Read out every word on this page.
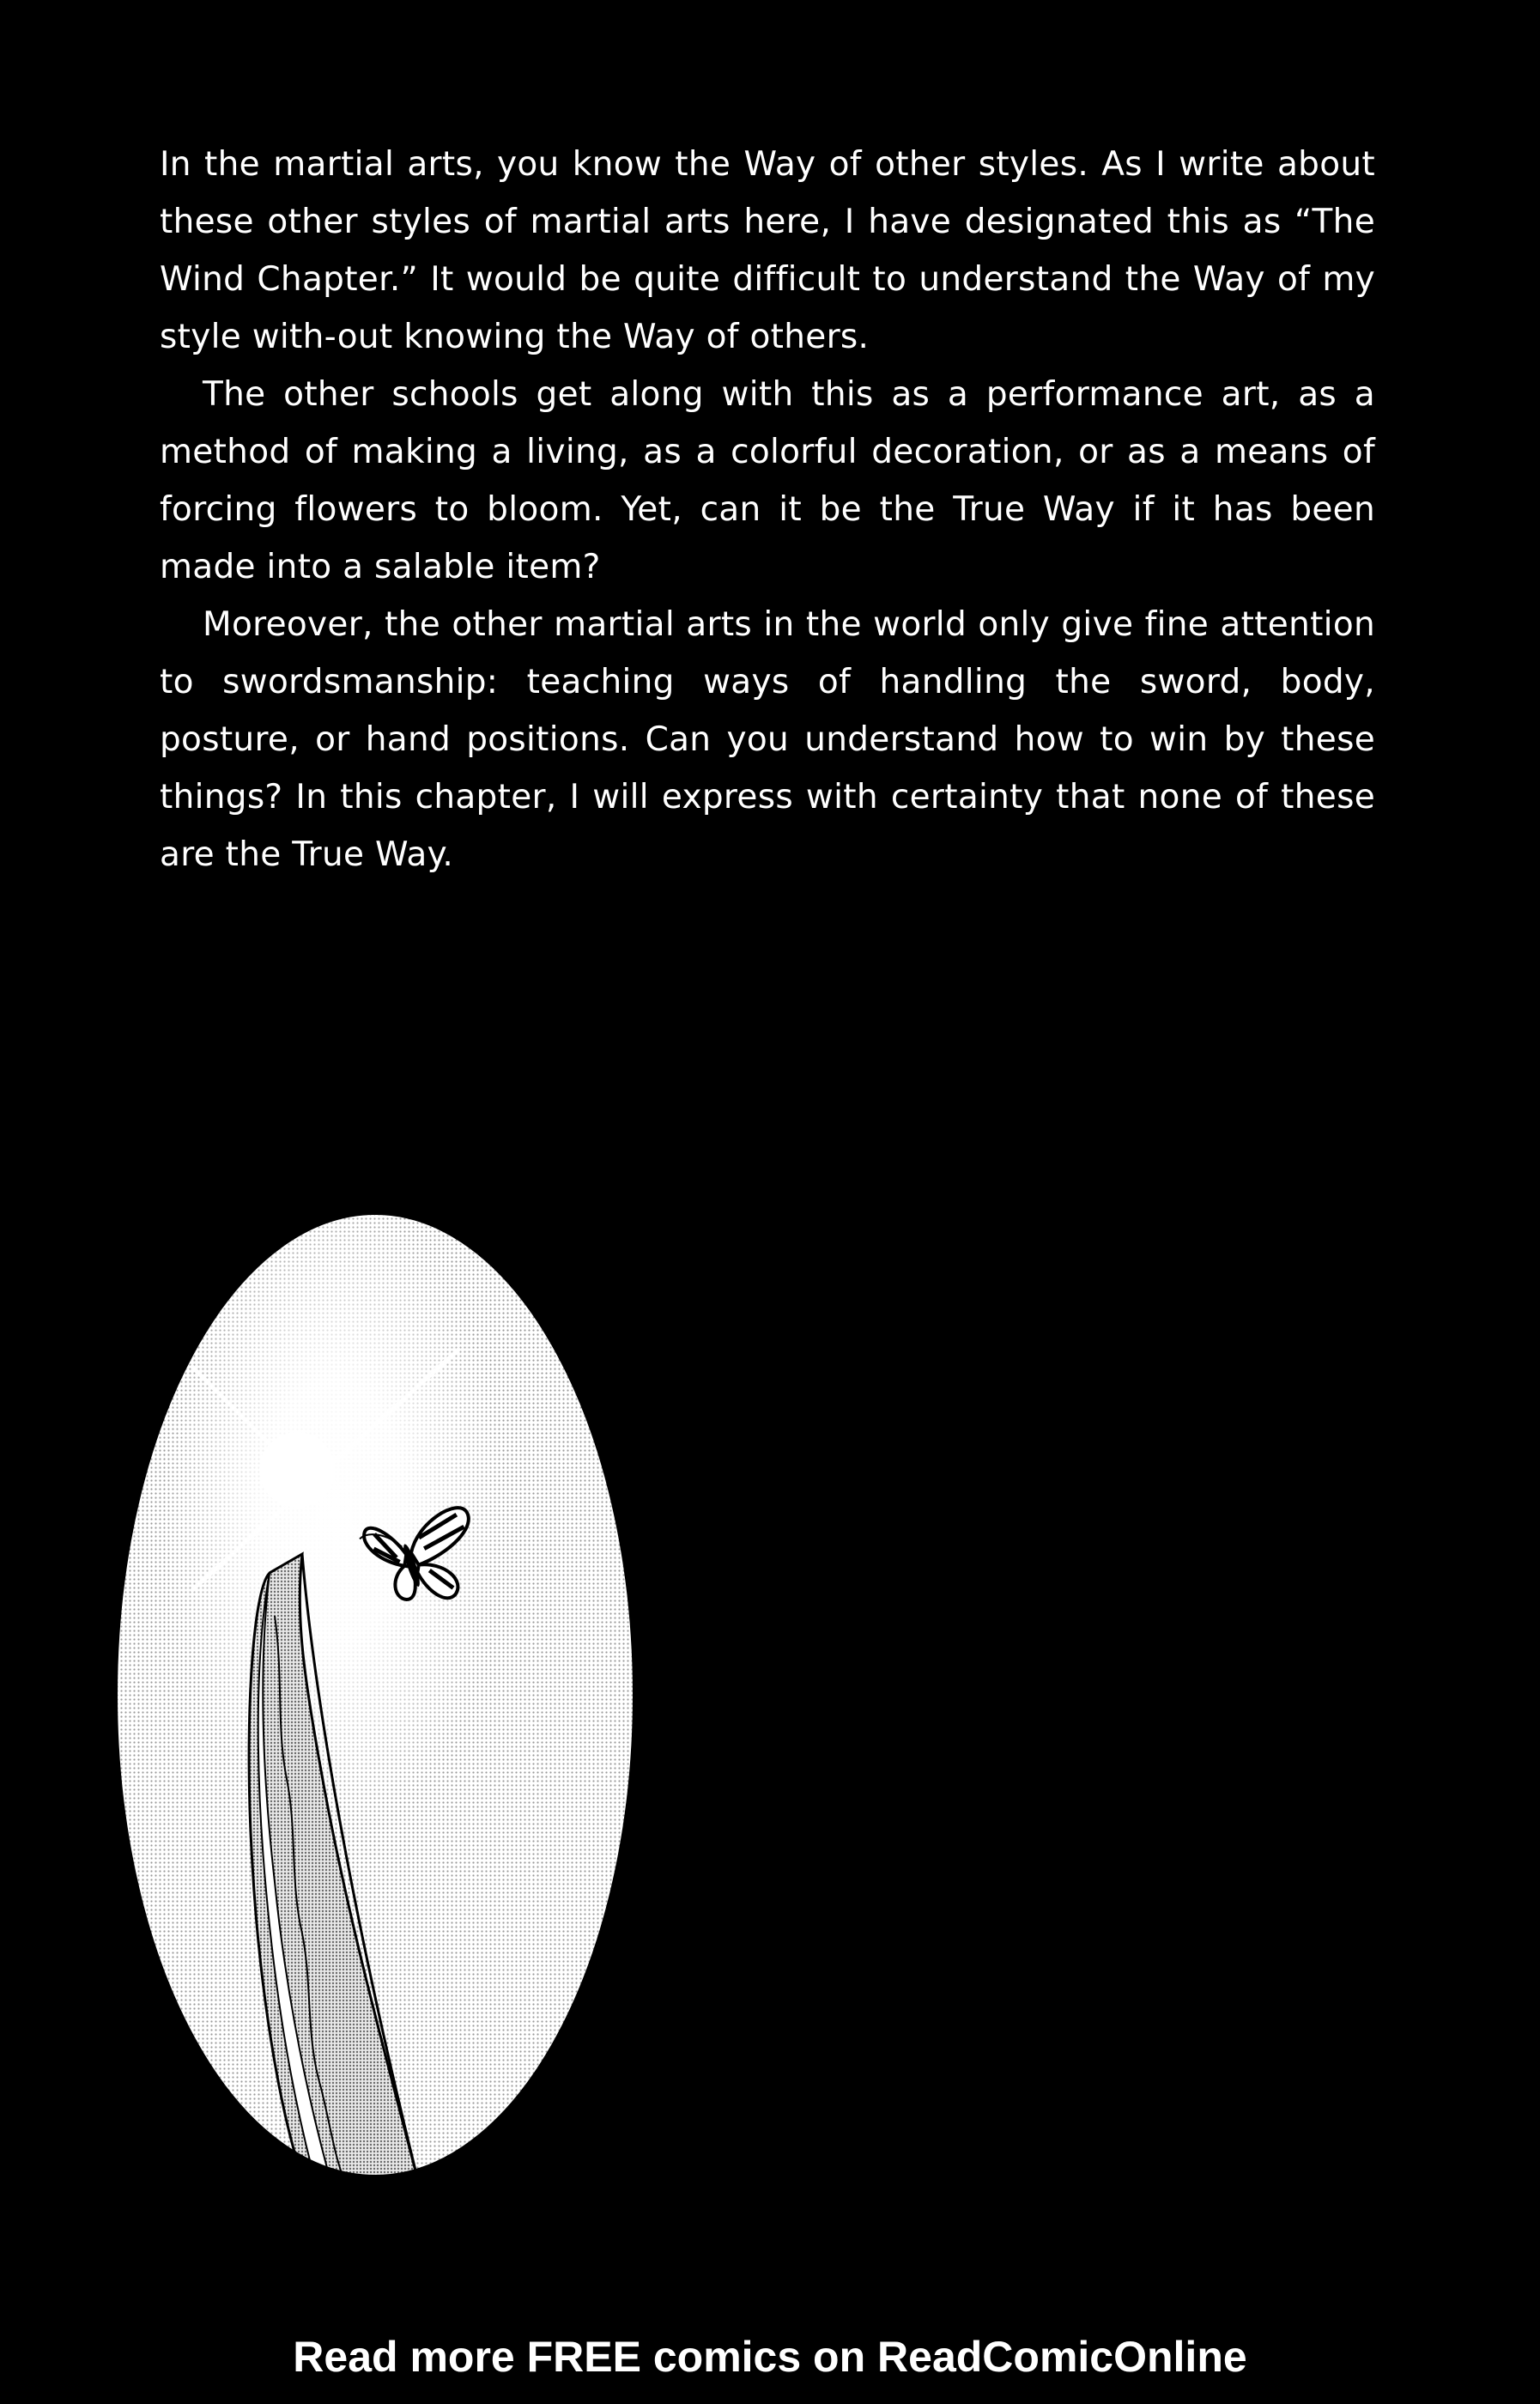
In the martial arts, you know the Way of other styles. As I write about these other styles of martial arts here, I have designated this as “The Wind Chapter.” It would be quite difficult to understand the Way of my style with-out knowing the Way of others.

The other schools get along with this as a performance art, as a method of making a living, as a colorful decoration, or as a means of forcing flowers to bloom. Yet, can it be the True Way if it has been made into a salable item?

Moreover, the other martial arts in the world only give fine attention to swordsmanship: teaching ways of handling the sword, body, posture, or hand positions. Can you understand how to win by these things? In this chapter, I will express with certainty that none of these are the True Way.

Read more FREE comics on ReadComicOnline
